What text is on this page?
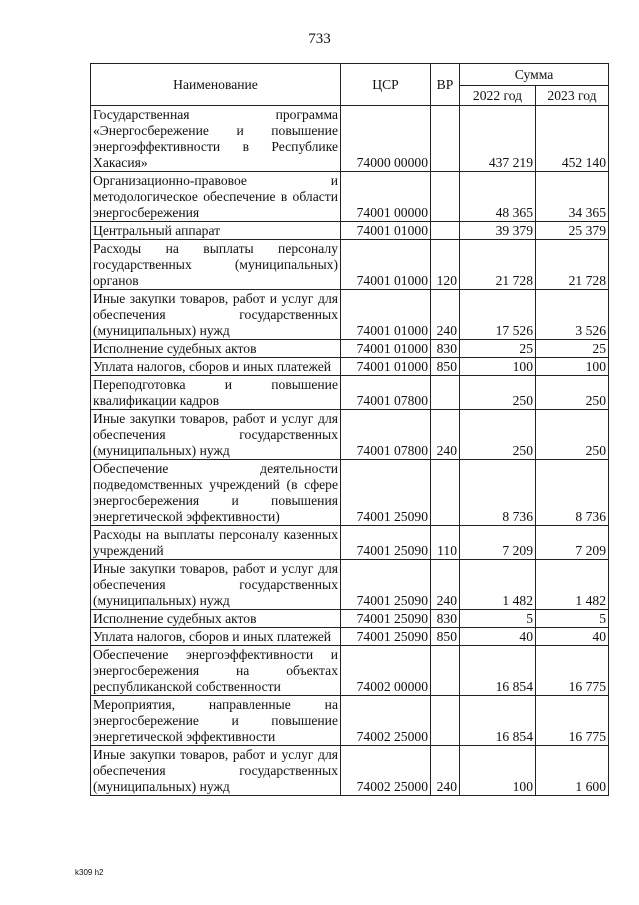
733
Наименование	ЦСР	ВР	Сумма	
			2022 год	2023 год
Государственная программа «Энергосбережение и повышение энергоэффективности в Республике Хакасия»	74000 00000		437 219	452 140
Организационно-правовое и методологическое обеспечение в области энергосбережения	74001 00000		48 365	34 365
Центральный аппарат	74001 01000		39 379	25 379
Расходы на выплаты персоналу государственных (муниципальных) органов	74001 01000	120	21 728	21 728
Иные закупки товаров, работ и услуг для обеспечения государственных (муниципальных) нужд	74001 01000	240	17 526	3 526
Исполнение судебных актов	74001 01000	830	25	25
Уплата налогов, сборов и иных платежей	74001 01000	850	100	100
Переподготовка и повышение квалификации кадров	74001 07800		250	250
Иные закупки товаров, работ и услуг для обеспечения государственных (муниципальных) нужд	74001 07800	240	250	250
Обеспечение деятельности подведомственных учреждений (в сфере энергосбережения и повышения энергетической эффективности)	74001 25090		8 736	8 736
Расходы на выплаты персоналу казенных учреждений	74001 25090	110	7 209	7 209
Иные закупки товаров, работ и услуг для обеспечения государственных (муниципальных) нужд	74001 25090	240	1 482	1 482
Исполнение судебных актов	74001 25090	830	5	5
Уплата налогов, сборов и иных платежей	74001 25090	850	40	40
Обеспечение энергоэффективности и энергосбережения на объектах республиканской собственности	74002 00000		16 854	16 775
Мероприятия, направленные на энергосбережение и повышение энергетической эффективности	74002 25000		16 854	16 775
Иные закупки товаров, работ и услуг для обеспечения государственных (муниципальных) нужд	74002 25000	240	100	1 600
k309 h2
